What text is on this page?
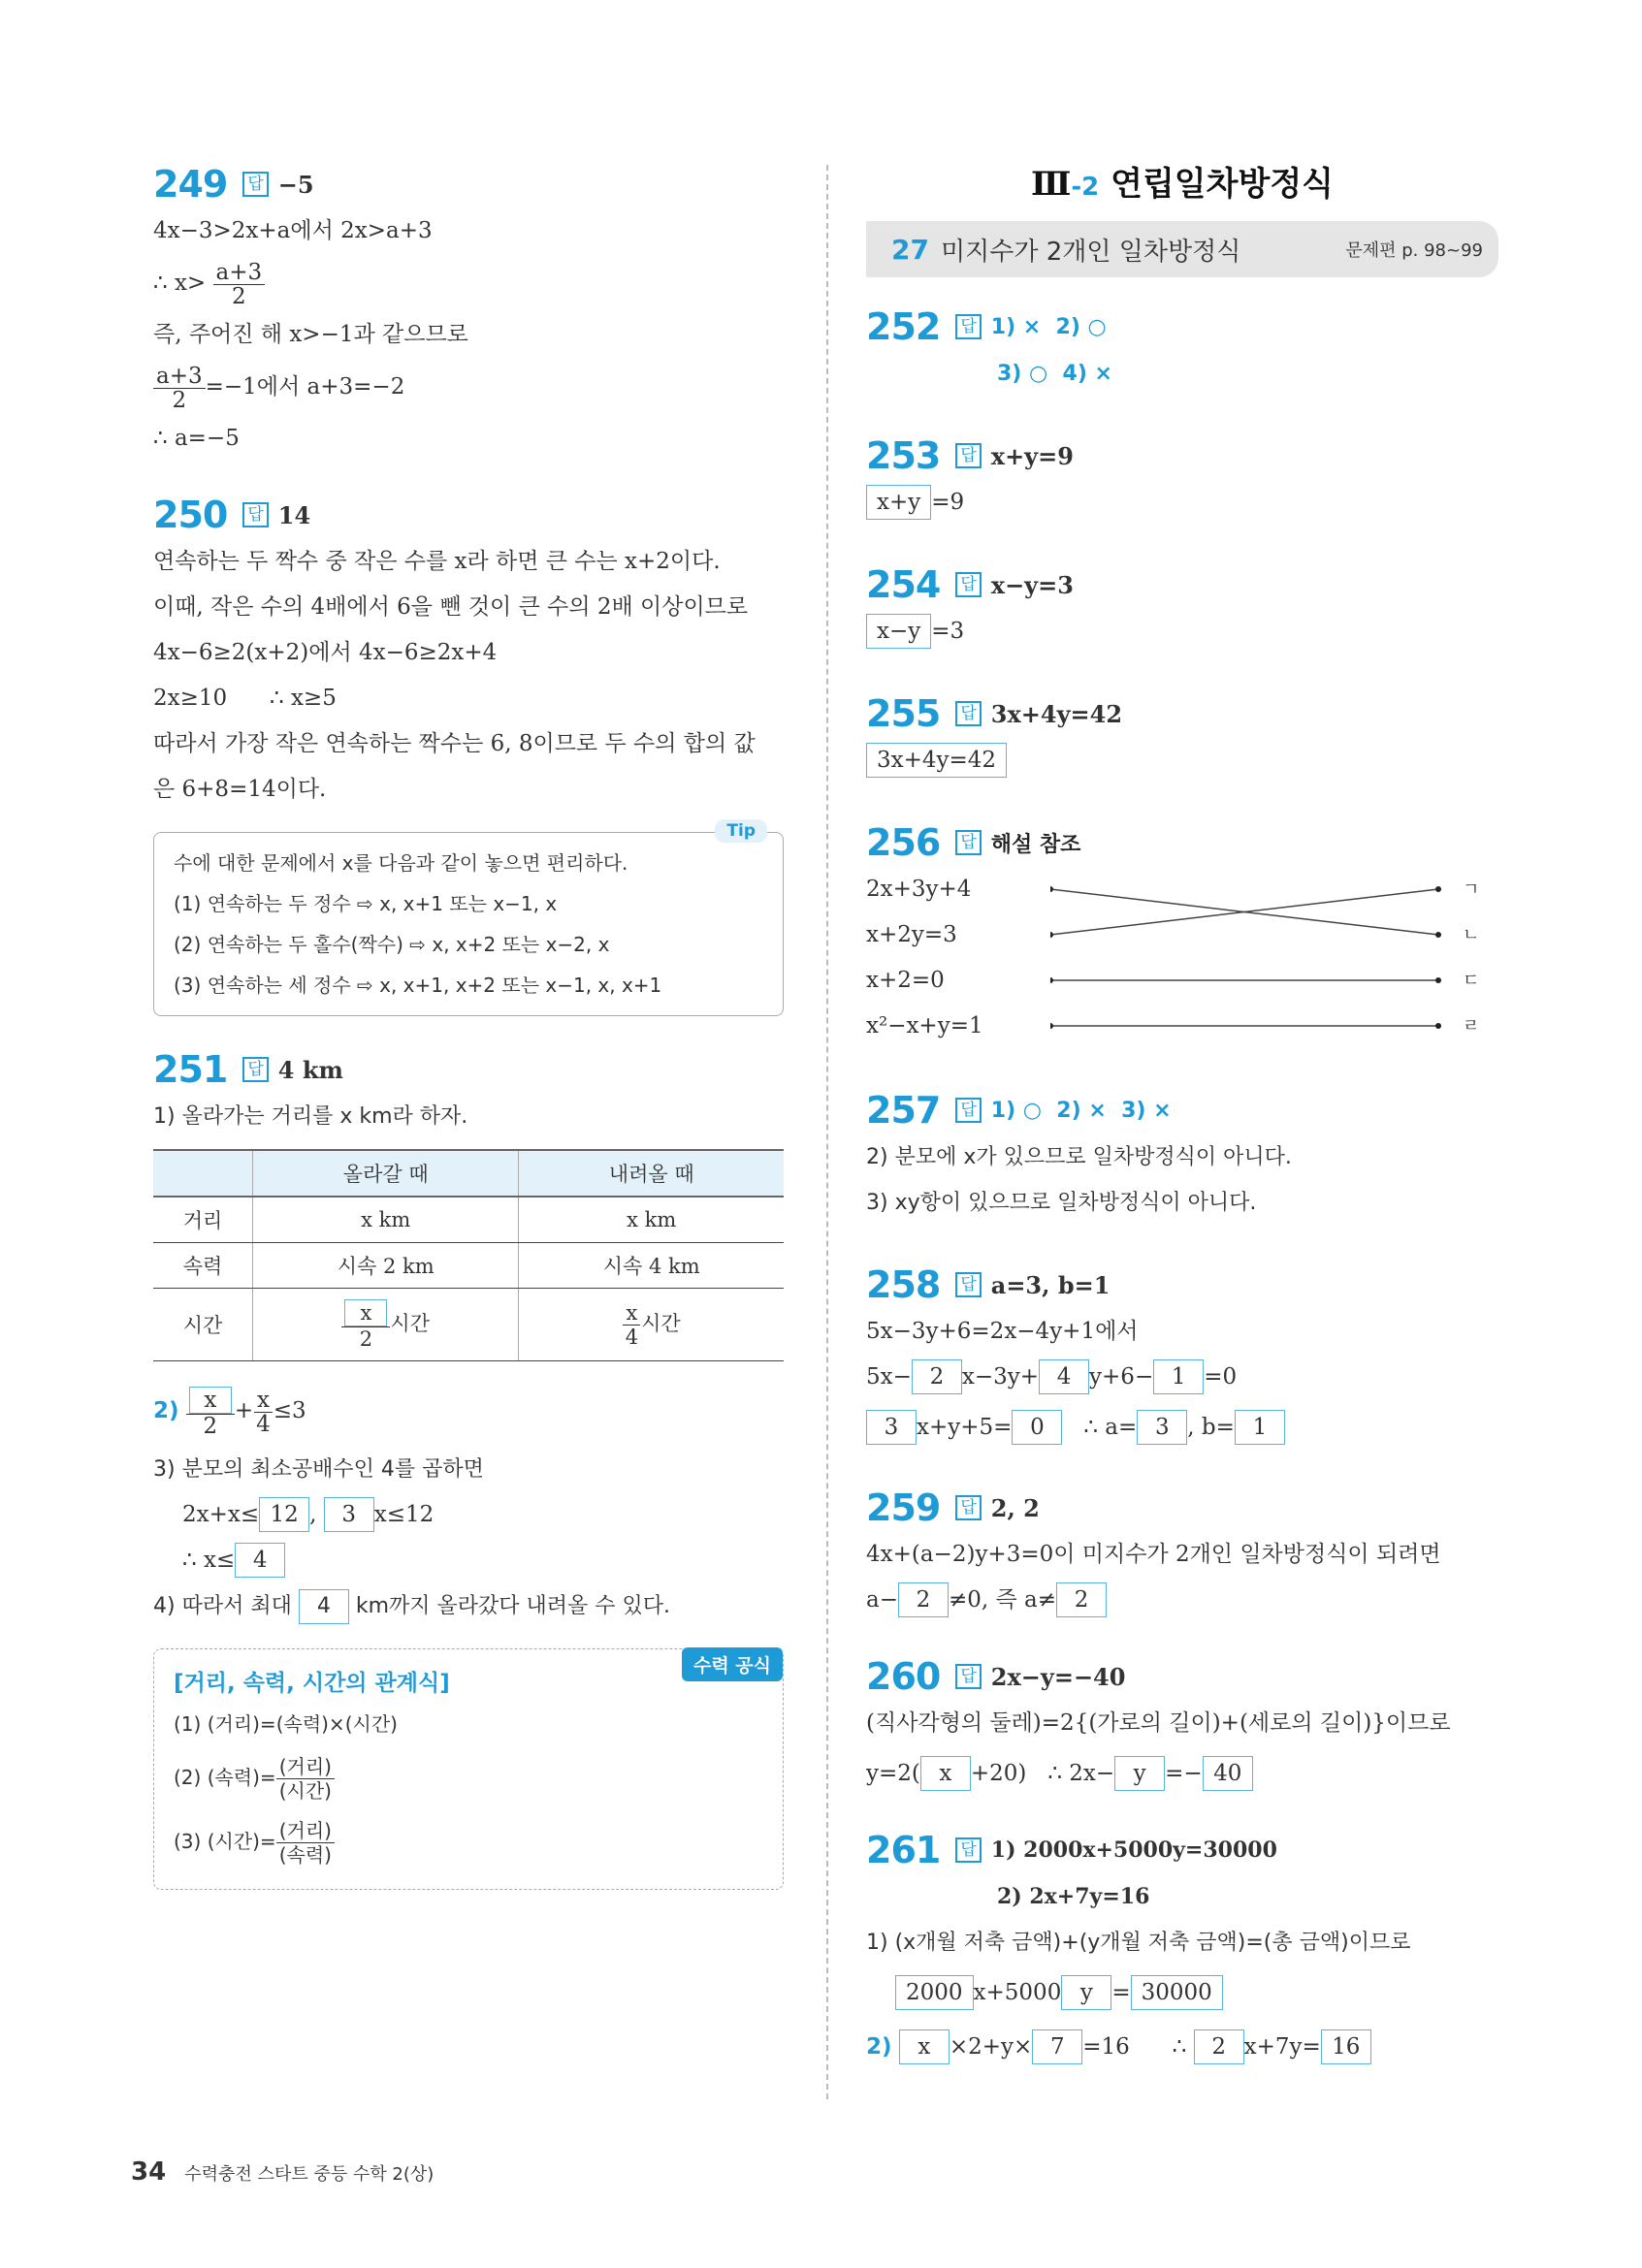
249 답 −5
4x−3>2x+a에서 2x>a+3
∴ $x> \frac{a+3}{2}$
즉, 주어진 해 x>−1과 같으므로
$\frac{a+3}{2} =-1$에서 a+3=−2
∴ a=−5
250 답 14
연속하는 두 짝수 중 작은 수를 x라 하면 큰 수는 x+2이다.
이때, 작은 수의 4배에서 6을 뺀 것이 큰 수의 2배 이상이므로
4x−6≥2(x+2)에서 4x−6≥2x+4
2x≥10      ∴ x≥5
따라서 가장 작은 연속하는 짝수는 6, 8이므로 두 수의 합의 값
은 6+8=14이다.
Tip
수에 대한 문제에서 x를 다음과 같이 놓으면 편리하다.
(1) 연속하는 두 정수 ⇨ x, x+1 또는 x−1, x
(2) 연속하는 두 홀수(짝수) ⇨ x, x+2 또는 x−2, x
(3) 연속하는 세 정수 ⇨ x, x+1, x+2 또는 x−1, x, x+1
251 답 4 km
1) 올라가는 거리를 x km라 하자.
	올라갈 때	내려올 때
거리	x km	x km
속력	시속 2 km	시속 4 km
시간	$\frac{x}{2}$ 시간	$\frac{x}{4}$ 시간
$2) \frac{x}{2} + \frac{x}{4} \le 3$
3) 분모의 최소공배수인 4를 곱하면
2x+x≤ 12 , 3 x≤12
∴ x≤ 4
4) 따라서 최대 4 km까지 올라갔다 내려올 수 있다.
수력 공식
[거리, 속력, 시간의 관계식]
(1) (거리)=(속력)×(시간)
(2) (속력)= $\frac{\text{(거리)}}{\text{(시간)}}$
(3) (시간)= $\frac{\text{(거리)}}{\text{(속력)}}$
Ⅲ-2 연립일차방정식
27 미지수가 2개인 일차방정식	문제편 p. 98~99
252 답 1) ×  2) ○
3) ○  4) ×
253 답 x+y=9
x+y =9
254 답 x−y=3
x−y =3
255 답 3x+4y=42
3x+4y=42
256 답 해설 참조
2x+3y+4
x+2y=3
x+2=0
x²−x+y=1
ㄱ
ㄴ
ㄷ
ㄹ
257 답 1) ○  2) ×  3) ×
2) 분모에 x가 있으므로 일차방정식이 아니다.
3) xy항이 있으므로 일차방정식이 아니다.
258 답 a=3, b=1
5x−3y+6=2x−4y+1에서
5x− 2 x−3y+ 4 y+6− 1 =0
3 x+y+5= 0   ∴ a= 3 , b= 1
259 답 2, 2
4x+(a−2)y+3=0이 미지수가 2개인 일차방정식이 되려면
a− 2 ≠0, 즉 a≠ 2
260 답 2x−y=−40
(직사각형의 둘레)=2{(가로의 길이)+(세로의 길이)}이므로
y=2( x +20)   ∴ 2x− y =− 40
261 답 1) 2000x+5000y=30000
2) 2x+7y=16
1) (x개월 저축 금액)+(y개월 저축 금액)=(총 금액)이므로
2000 x+5000 y = 30000
2) x ×2+y× 7 =16      ∴ 2 x+7y= 16
34 수력충전 스타트 중등 수학 2(상)
